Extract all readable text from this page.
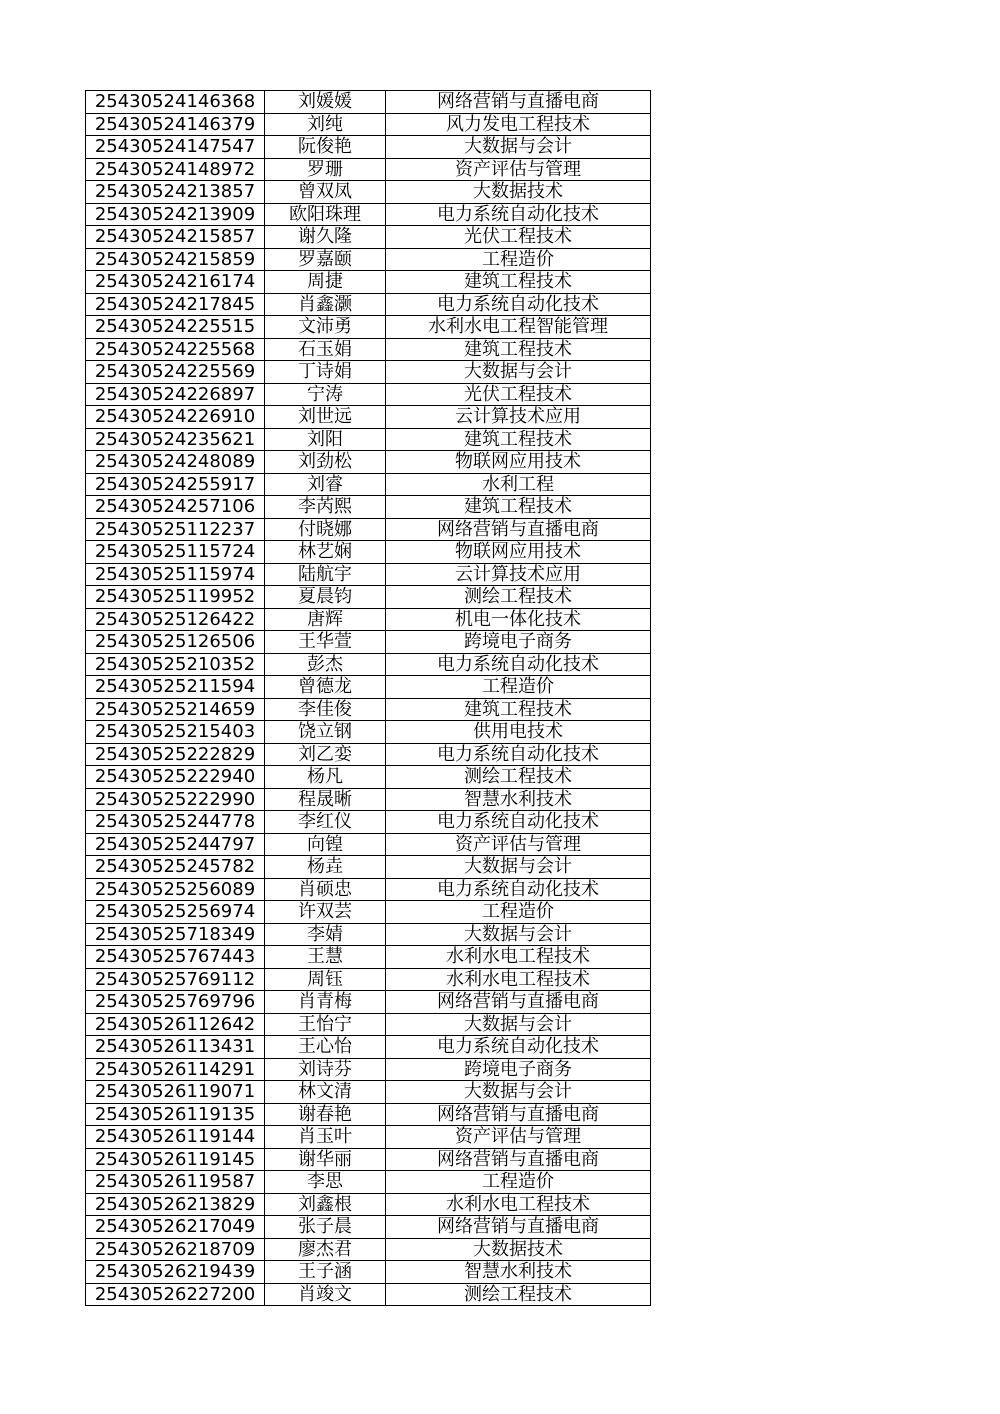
25430524146368	刘媛媛	网络营销与直播电商
25430524146379	刘纯	风力发电工程技术
25430524147547	阮俊艳	大数据与会计
25430524148972	罗珊	资产评估与管理
25430524213857	曾双凤	大数据技术
25430524213909	欧阳珠理	电力系统自动化技术
25430524215857	谢久隆	光伏工程技术
25430524215859	罗嘉颐	工程造价
25430524216174	周捷	建筑工程技术
25430524217845	肖鑫灏	电力系统自动化技术
25430524225515	文沛勇	水利水电工程智能管理
25430524225568	石玉娟	建筑工程技术
25430524225569	丁诗娟	大数据与会计
25430524226897	宁涛	光伏工程技术
25430524226910	刘世远	云计算技术应用
25430524235621	刘阳	建筑工程技术
25430524248089	刘劲松	物联网应用技术
25430524255917	刘睿	水利工程
25430524257106	李芮熙	建筑工程技术
25430525112237	付晓娜	网络营销与直播电商
25430525115724	林艺娴	物联网应用技术
25430525115974	陆航宇	云计算技术应用
25430525119952	夏晨钧	测绘工程技术
25430525126422	唐辉	机电一体化技术
25430525126506	王华萱	跨境电子商务
25430525210352	彭杰	电力系统自动化技术
25430525211594	曾德龙	工程造价
25430525214659	李佳俊	建筑工程技术
25430525215403	饶立钢	供用电技术
25430525222829	刘乙娈	电力系统自动化技术
25430525222940	杨凡	测绘工程技术
25430525222990	程晟晰	智慧水利技术
25430525244778	李红仪	电力系统自动化技术
25430525244797	向锽	资产评估与管理
25430525245782	杨垚	大数据与会计
25430525256089	肖硕忠	电力系统自动化技术
25430525256974	许双芸	工程造价
25430525718349	李婧	大数据与会计
25430525767443	王慧	水利水电工程技术
25430525769112	周钰	水利水电工程技术
25430525769796	肖青梅	网络营销与直播电商
25430526112642	王怡宁	大数据与会计
25430526113431	王心怡	电力系统自动化技术
25430526114291	刘诗芬	跨境电子商务
25430526119071	林文清	大数据与会计
25430526119135	谢春艳	网络营销与直播电商
25430526119144	肖玉叶	资产评估与管理
25430526119145	谢华丽	网络营销与直播电商
25430526119587	李思	工程造价
25430526213829	刘鑫根	水利水电工程技术
25430526217049	张子晨	网络营销与直播电商
25430526218709	廖杰君	大数据技术
25430526219439	王子涵	智慧水利技术
25430526227200	肖竣文	测绘工程技术
